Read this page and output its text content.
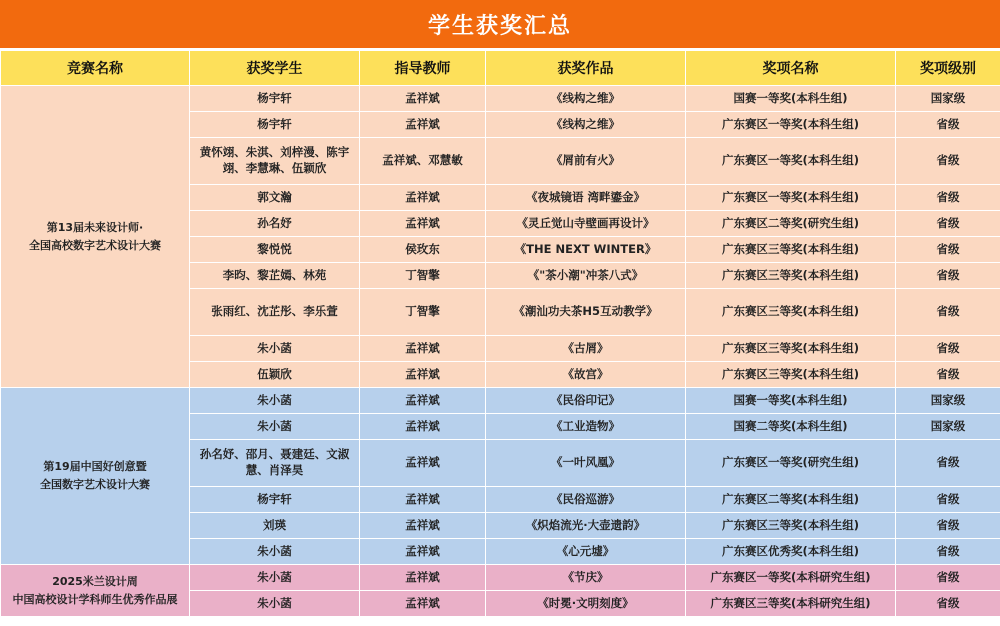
学生获奖汇总
竞赛名称	获奖学生	指导教师	获奖作品	奖项名称	奖项级别

第13届未来设计师·
全国高校数字艺术设计大赛	杨宇轩	孟祥斌	《线构之维》	国赛一等奖(本科生组)	国家级
	杨宇轩	孟祥斌	《线构之维》	广东赛区一等奖(本科生组)	省级
	黄怀翊、朱淇、刘梓漫、陈宇翊、李慧琳、伍颖欣	孟祥斌、邓慧敏	《屑前有火》	广东赛区一等奖(本科生组)	省级
	郭文瀚	孟祥斌	《夜城镜语 湾畔鎏金》	广东赛区一等奖(本科生组)	省级
	孙名妤	孟祥斌	《灵丘觉山寺壁画再设计》	广东赛区二等奖(研究生组)	省级
	黎悦悦	侯玫东	《THE NEXT WINTER》	广东赛区三等奖(本科生组)	省级
	李昀、黎芷嫣、林苑	丁智擎	《"茶小潮"冲茶八式》	广东赛区三等奖(本科生组)	省级
	张雨红、沈芷彤、李乐萱	丁智擎	《潮汕功夫茶H5互动教学》	广东赛区三等奖(本科生组)	省级
	朱小菡	孟祥斌	《古屑》	广东赛区三等奖(本科生组)	省级
	伍颖欣	孟祥斌	《故宫》	广东赛区三等奖(本科生组)	省级

第19届中国好创意暨
全国数字艺术设计大赛	朱小菡	孟祥斌	《民俗印记》	国赛一等奖(本科生组)	国家级
	朱小菡	孟祥斌	《工业造物》	国赛二等奖(本科生组)	国家级
	孙名妤、邵月、聂建廷、文淑慧、肖泽昊	孟祥斌	《一叶风凰》	广东赛区一等奖(研究生组)	省级
	杨宇轩	孟祥斌	《民俗巡游》	广东赛区二等奖(本科生组)	省级
	刘瑛	孟祥斌	《炽焰流光·大壶遗韵》	广东赛区三等奖(本科生组)	省级
	朱小菡	孟祥斌	《心元墟》	广东赛区优秀奖(本科生组)	省级

2025米兰设计周
中国高校设计学科师生优秀作品展	朱小菡	孟祥斌	《节庆》	广东赛区一等奖(本科研究生组)	省级
	朱小菡	孟祥斌	《时冕·文明刻度》	广东赛区三等奖(本科研究生组)	省级
